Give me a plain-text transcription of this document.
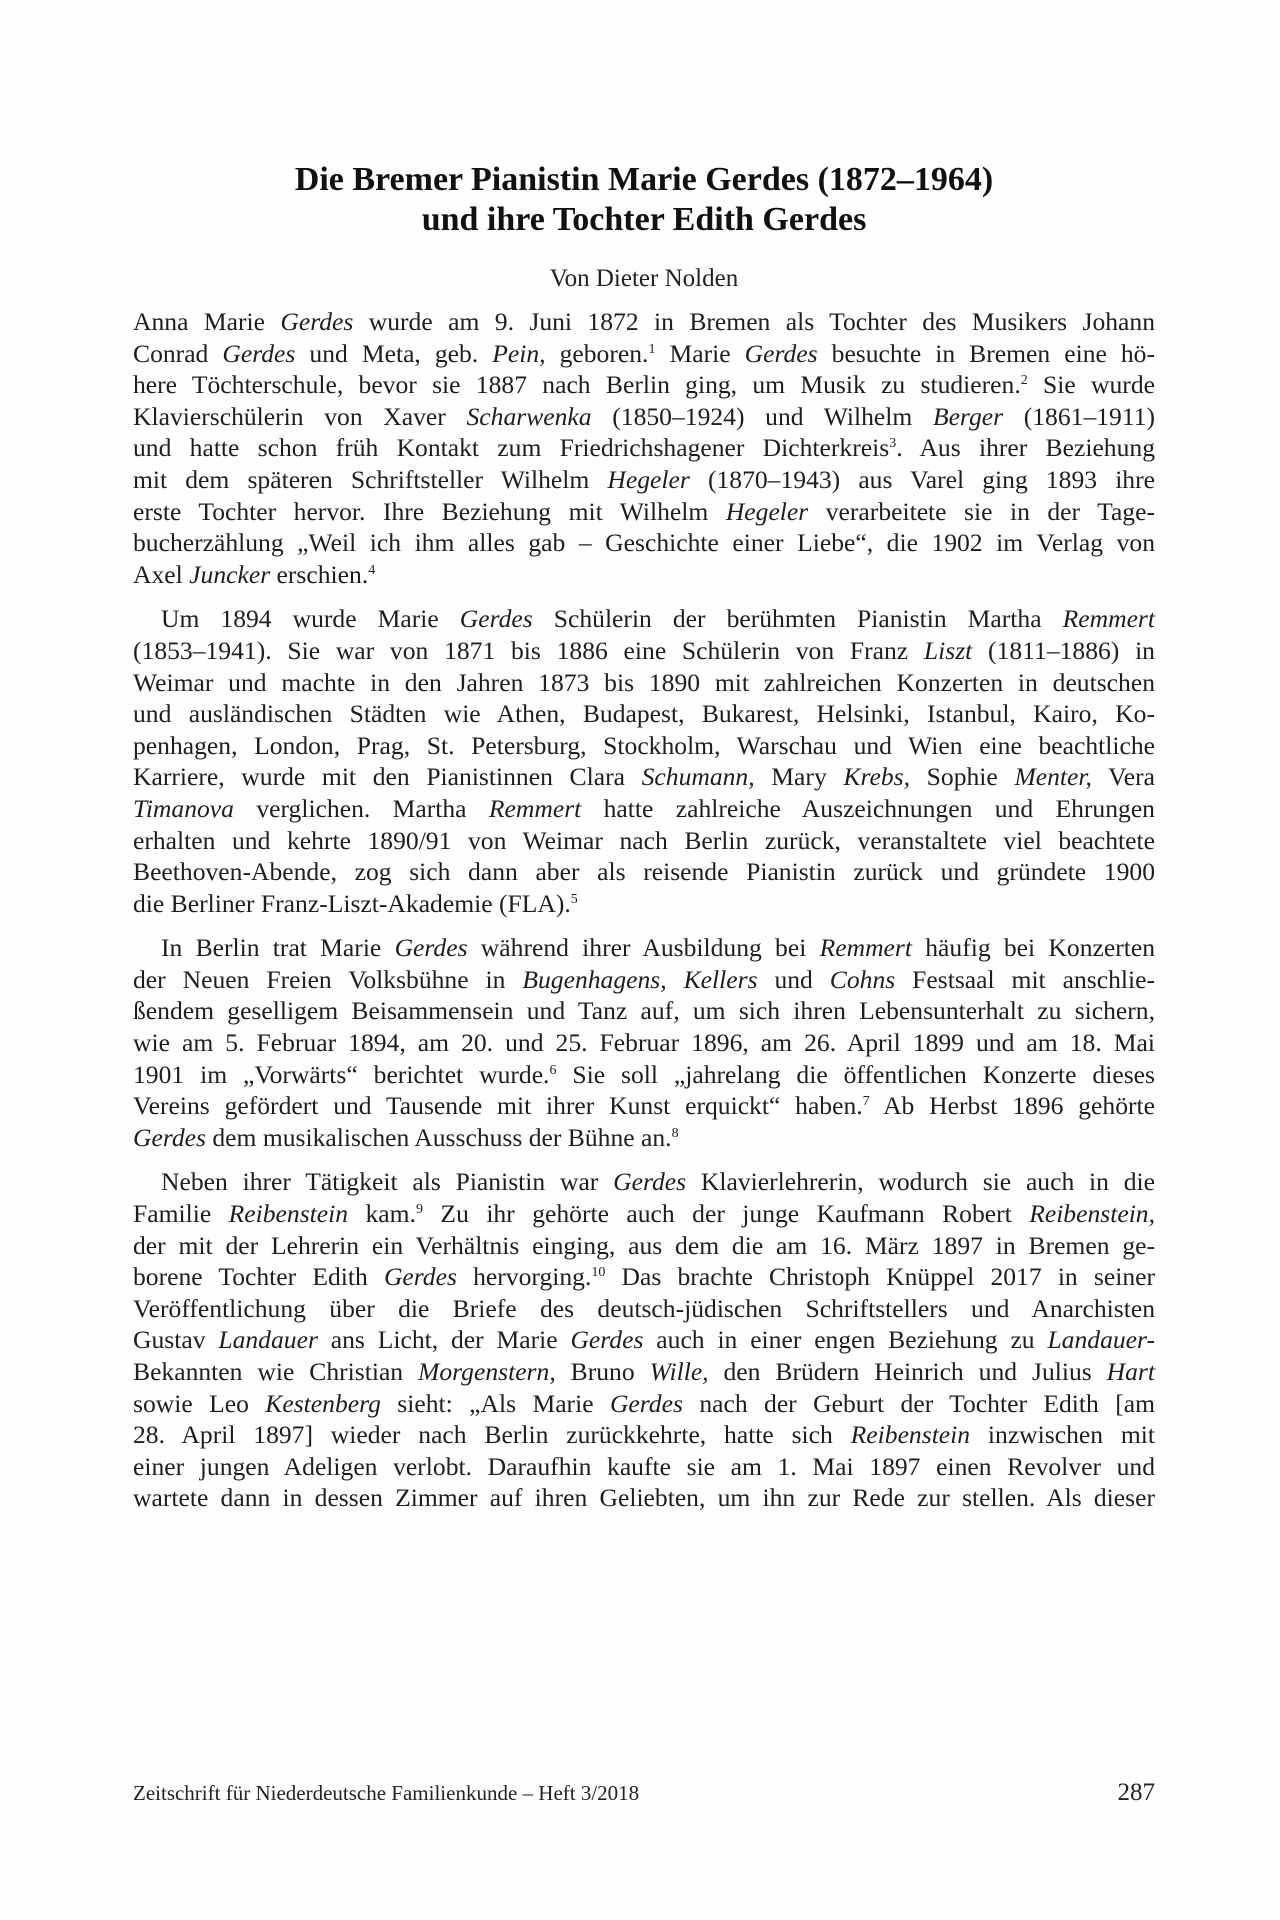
Die Bremer Pianistin Marie Gerdes (1872–1964)
und ihre Tochter Edith Gerdes
Von Dieter Nolden
Anna Marie Gerdes wurde am 9. Juni 1872 in Bremen als Tochter des Musikers Johann
Conrad Gerdes und Meta, geb. Pein, geboren.$^1$ Marie Gerdes besuchte in Bremen eine hö-
here Töchterschule, bevor sie 1887 nach Berlin ging, um Musik zu studieren.$^2$ Sie wurde
Klavierschülerin von Xaver Scharwenka (1850–1924) und Wilhelm Berger (1861–1911)
und hatte schon früh Kontakt zum Friedrichshagener Dichterkreis$^3$. Aus ihrer Beziehung
mit dem späteren Schriftsteller Wilhelm Hegeler (1870–1943) aus Varel ging 1893 ihre
erste Tochter hervor. Ihre Beziehung mit Wilhelm Hegeler verarbeitete sie in der Tage-
bucherzählung „Weil ich ihm alles gab – Geschichte einer Liebe“, die 1902 im Verlag von
Axel Juncker erschien.$^4$
Um 1894 wurde Marie Gerdes Schülerin der berühmten Pianistin Martha Remmert
(1853–1941). Sie war von 1871 bis 1886 eine Schülerin von Franz Liszt (1811–1886) in
Weimar und machte in den Jahren 1873 bis 1890 mit zahlreichen Konzerten in deutschen
und ausländischen Städten wie Athen, Budapest, Bukarest, Helsinki, Istanbul, Kairo, Ko-
penhagen, London, Prag, St. Petersburg, Stockholm, Warschau und Wien eine beachtliche
Karriere, wurde mit den Pianistinnen Clara Schumann, Mary Krebs, Sophie Menter, Vera
Timanova verglichen. Martha Remmert hatte zahlreiche Auszeichnungen und Ehrungen
erhalten und kehrte 1890/91 von Weimar nach Berlin zurück, veranstaltete viel beachtete
Beethoven-Abende, zog sich dann aber als reisende Pianistin zurück und gründete 1900
die Berliner Franz-Liszt-Akademie (FLA).$^5$
In Berlin trat Marie Gerdes während ihrer Ausbildung bei Remmert häufig bei Konzerten
der Neuen Freien Volksbühne in Bugenhagens, Kellers und Cohns Festsaal mit anschlie-
ßendem geselligem Beisammensein und Tanz auf, um sich ihren Lebensunterhalt zu sichern,
wie am 5. Februar 1894, am 20. und 25. Februar 1896, am 26. April 1899 und am 18. Mai
1901 im „Vorwärts“ berichtet wurde.$^6$ Sie soll „jahrelang die öffentlichen Konzerte dieses
Vereins gefördert und Tausende mit ihrer Kunst erquickt“ haben.$^7$ Ab Herbst 1896 gehörte
Gerdes dem musikalischen Ausschuss der Bühne an.$^8$
Neben ihrer Tätigkeit als Pianistin war Gerdes Klavierlehrerin, wodurch sie auch in die
Familie Reibenstein kam.$^9$ Zu ihr gehörte auch der junge Kaufmann Robert Reibenstein,
der mit der Lehrerin ein Verhältnis einging, aus dem die am 16. März 1897 in Bremen ge-
borene Tochter Edith Gerdes hervorging.$^{10}$ Das brachte Christoph Knüppel 2017 in seiner
Veröffentlichung über die Briefe des deutsch-jüdischen Schriftstellers und Anarchisten
Gustav Landauer ans Licht, der Marie Gerdes auch in einer engen Beziehung zu Landauer-
Bekannten wie Christian Morgenstern, Bruno Wille, den Brüdern Heinrich und Julius Hart
sowie Leo Kestenberg sieht: „Als Marie Gerdes nach der Geburt der Tochter Edith [am
28. April 1897] wieder nach Berlin zurückkehrte, hatte sich Reibenstein inzwischen mit
einer jungen Adeligen verlobt. Daraufhin kaufte sie am 1. Mai 1897 einen Revolver und
wartete dann in dessen Zimmer auf ihren Geliebten, um ihn zur Rede zur stellen. Als dieser
Zeitschrift für Niederdeutsche Familienkunde – Heft 3/2018	287
